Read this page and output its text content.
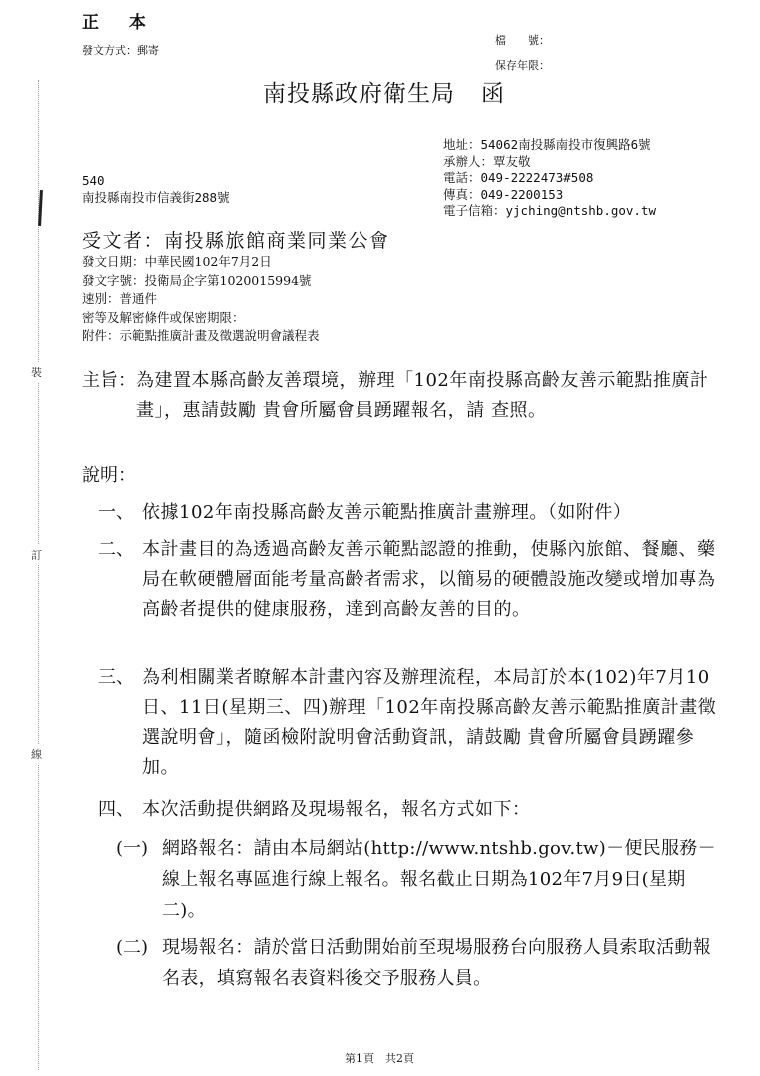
裝
訂
線
正 本
發文方式：郵寄
檔　　號：
保存年限：
南投縣政府衛生局 函
地址：54062南投縣南投市復興路6號
承辦人：覃友敬
電話：049-2222473#508
傳真：049-2200153
電子信箱：yjching@ntshb.gov.tw
540
南投縣南投市信義街288號
受文者：南投縣旅館商業同業公會
發文日期：中華民國102年7月2日
發文字號：投衛局企字第1020015994號
速別：普通件
密等及解密條件或保密期限：
附件：示範點推廣計畫及徵選說明會議程表
主旨： 為建置本縣高齡友善環境，辦理「102年南投縣高齡友善示範點推廣計畫」，惠請鼓勵 貴會所屬會員踴躍報名，請 查照。
說明：
一、 依據102年南投縣高齡友善示範點推廣計畫辦理。（如附件）
二、 本計畫目的為透過高齡友善示範點認證的推動，使縣內旅館、餐廳、藥局在軟硬體層面能考量高齡者需求，以簡易的硬體設施改變或增加專為高齡者提供的健康服務，達到高齡友善的目的。
三、 為利相關業者瞭解本計畫內容及辦理流程，本局訂於本(102)年7月10日、11日(星期三、四)辦理「102年南投縣高齡友善示範點推廣計畫徵選說明會」，隨函檢附說明會活動資訊，請鼓勵 貴會所屬會員踴躍參加。
四、 本次活動提供網路及現場報名，報名方式如下：
(一) 網路報名：請由本局網站(http://www.ntshb.gov.tw)－便民服務－線上報名專區進行線上報名。報名截止日期為102年7月9日(星期二)。
(二) 現場報名：請於當日活動開始前至現場服務台向服務人員索取活動報名表，填寫報名表資料後交予服務人員。
第1頁　共2頁
